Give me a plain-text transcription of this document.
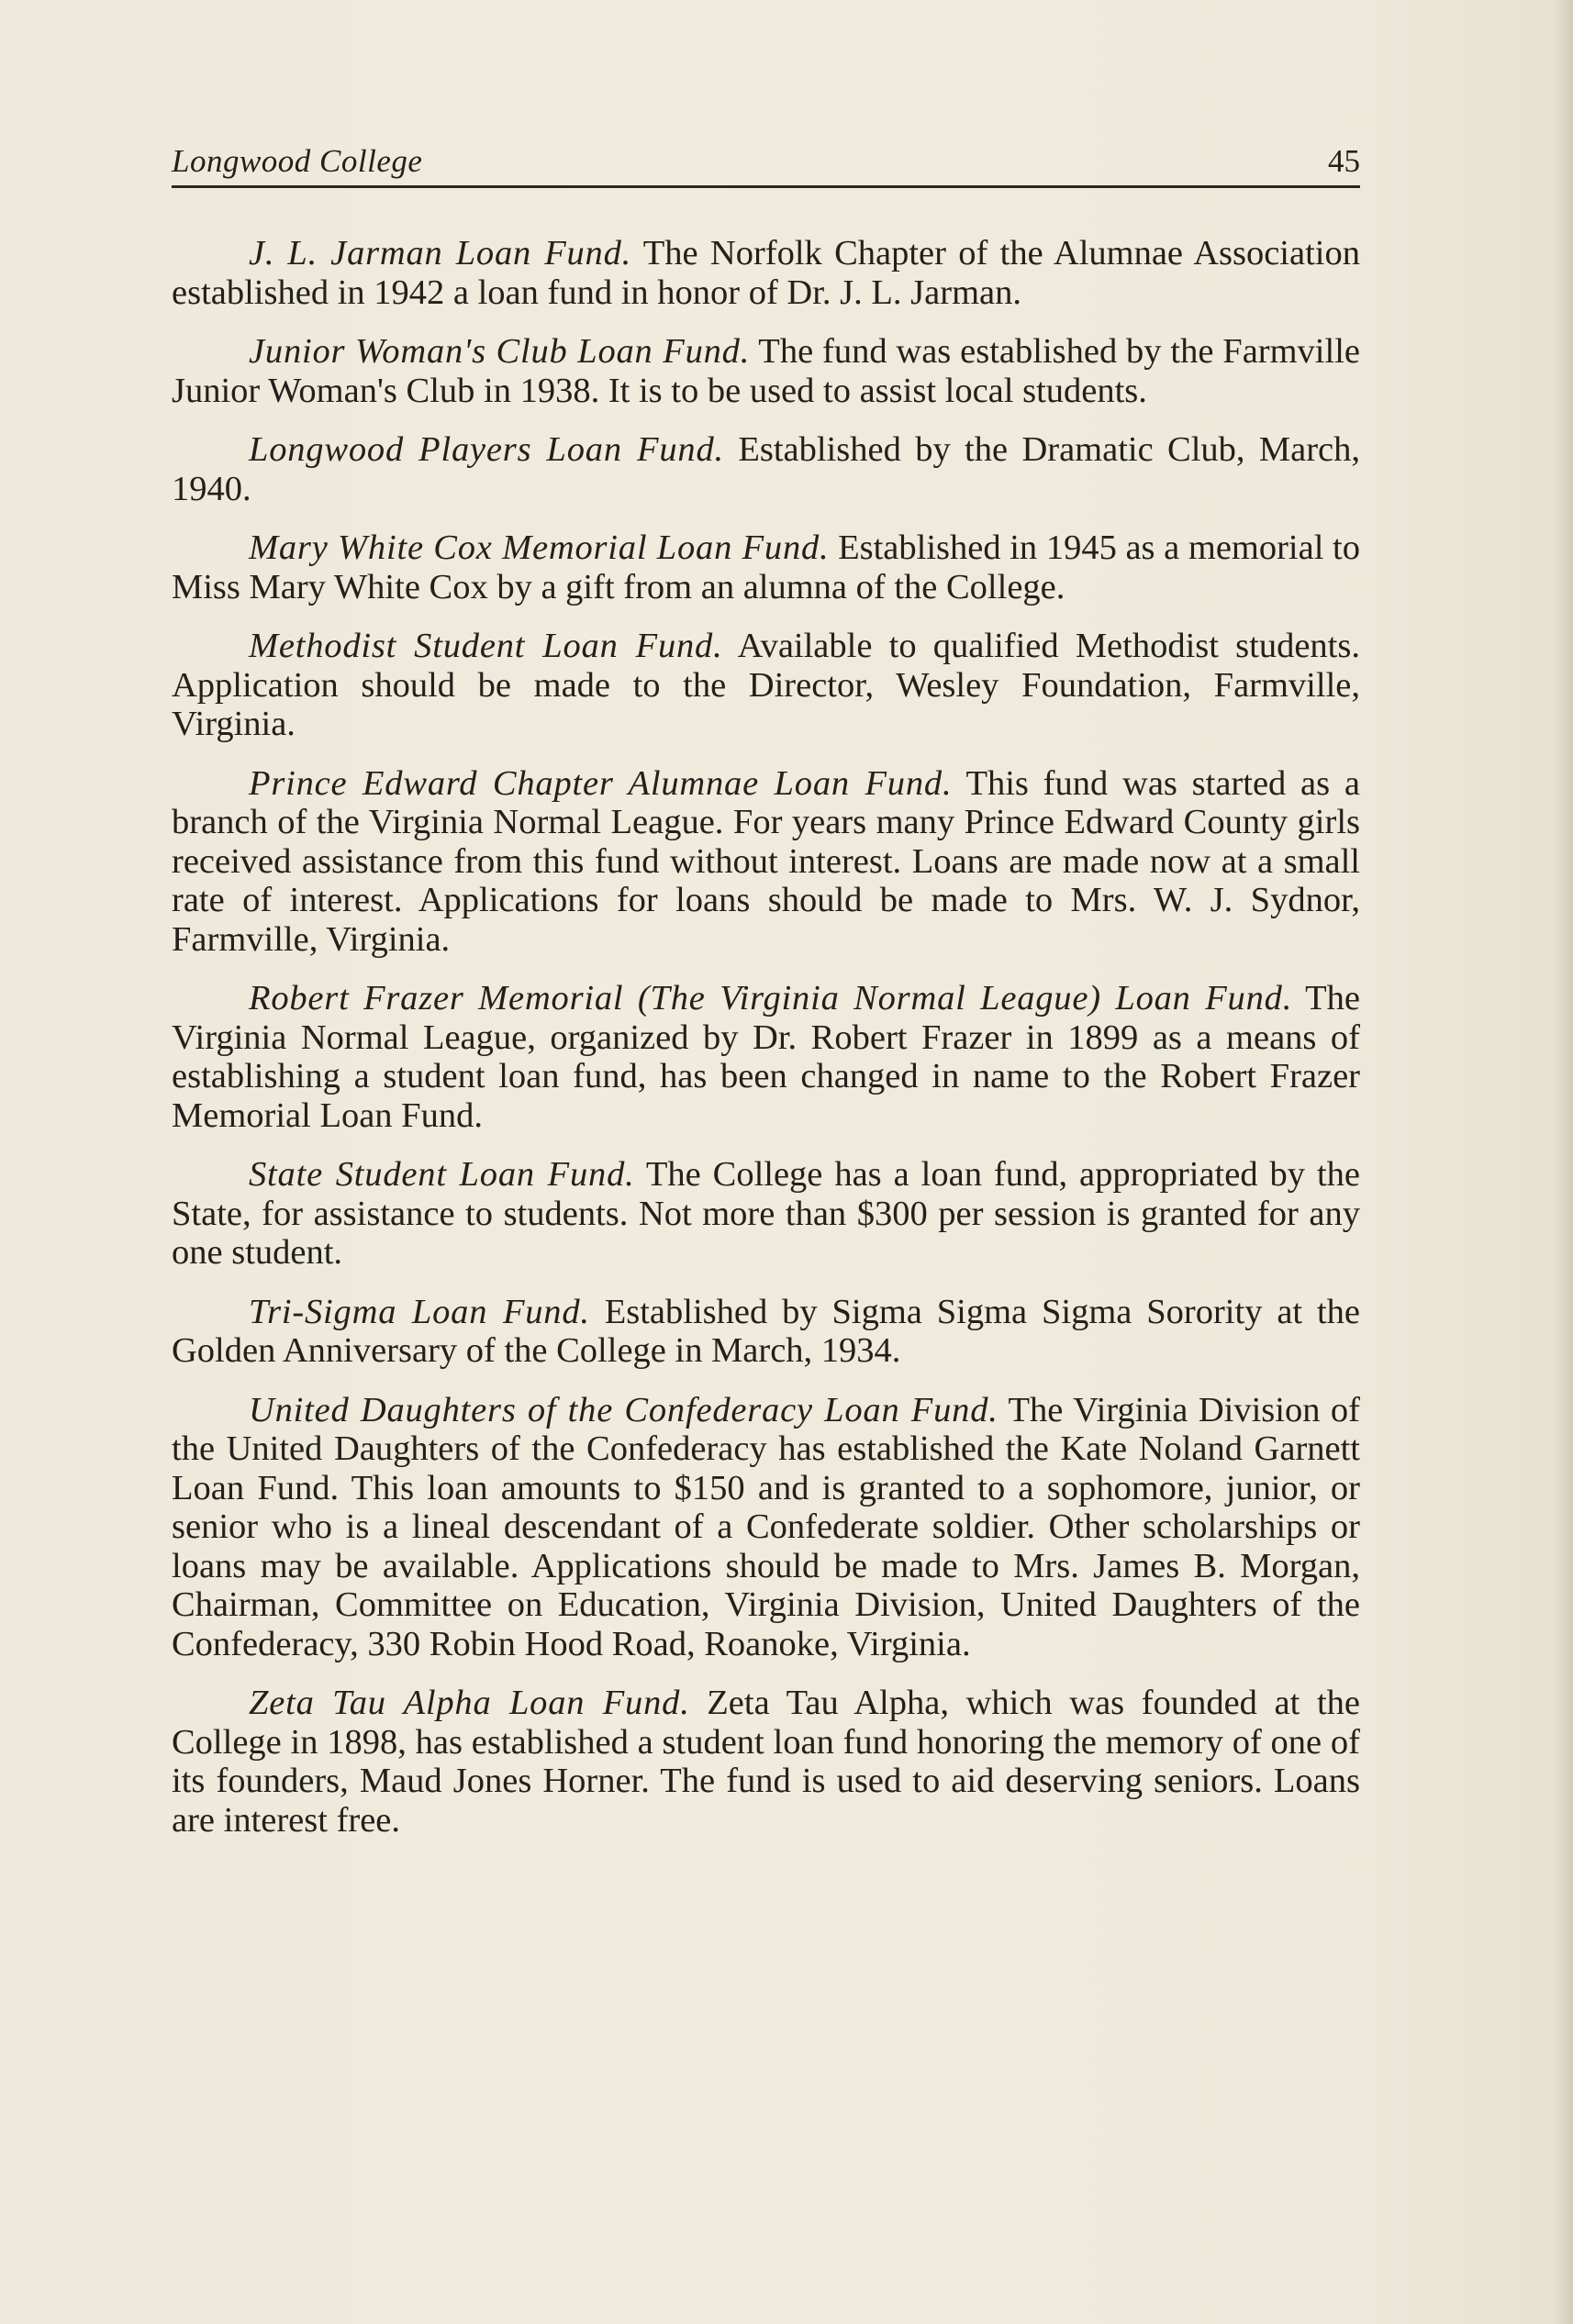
Longwood College	45

J. L. Jarman Loan Fund. The Norfolk Chapter of the Alumnae Association established in 1942 a loan fund in honor of Dr. J. L. Jarman.

Junior Woman's Club Loan Fund. The fund was established by the Farmville Junior Woman's Club in 1938. It is to be used to assist local students.

Longwood Players Loan Fund. Established by the Dramatic Club, March, 1940.

Mary White Cox Memorial Loan Fund. Established in 1945 as a memorial to Miss Mary White Cox by a gift from an alumna of the College.

Methodist Student Loan Fund. Available to qualified Methodist students. Application should be made to the Director, Wesley Foundation, Farmville, Virginia.

Prince Edward Chapter Alumnae Loan Fund. This fund was started as a branch of the Virginia Normal League. For years many Prince Edward County girls received assistance from this fund without interest. Loans are made now at a small rate of interest. Applications for loans should be made to Mrs. W. J. Sydnor, Farmville, Virginia.

Robert Frazer Memorial (The Virginia Normal League) Loan Fund. The Virginia Normal League, organized by Dr. Robert Frazer in 1899 as a means of establishing a student loan fund, has been changed in name to the Robert Frazer Memorial Loan Fund.

State Student Loan Fund. The College has a loan fund, appropriated by the State, for assistance to students. Not more than $300 per session is granted for any one student.

Tri-Sigma Loan Fund. Established by Sigma Sigma Sigma Sorority at the Golden Anniversary of the College in March, 1934.

United Daughters of the Confederacy Loan Fund. The Virginia Division of the United Daughters of the Confederacy has established the Kate Noland Garnett Loan Fund. This loan amounts to $150 and is granted to a sophomore, junior, or senior who is a lineal descendant of a Confederate soldier. Other scholarships or loans may be available. Applications should be made to Mrs. James B. Morgan, Chairman, Committee on Education, Virginia Division, United Daughters of the Confederacy, 330 Robin Hood Road, Roanoke, Virginia.

Zeta Tau Alpha Loan Fund. Zeta Tau Alpha, which was founded at the College in 1898, has established a student loan fund honoring the memory of one of its founders, Maud Jones Horner. The fund is used to aid deserving seniors. Loans are interest free.
